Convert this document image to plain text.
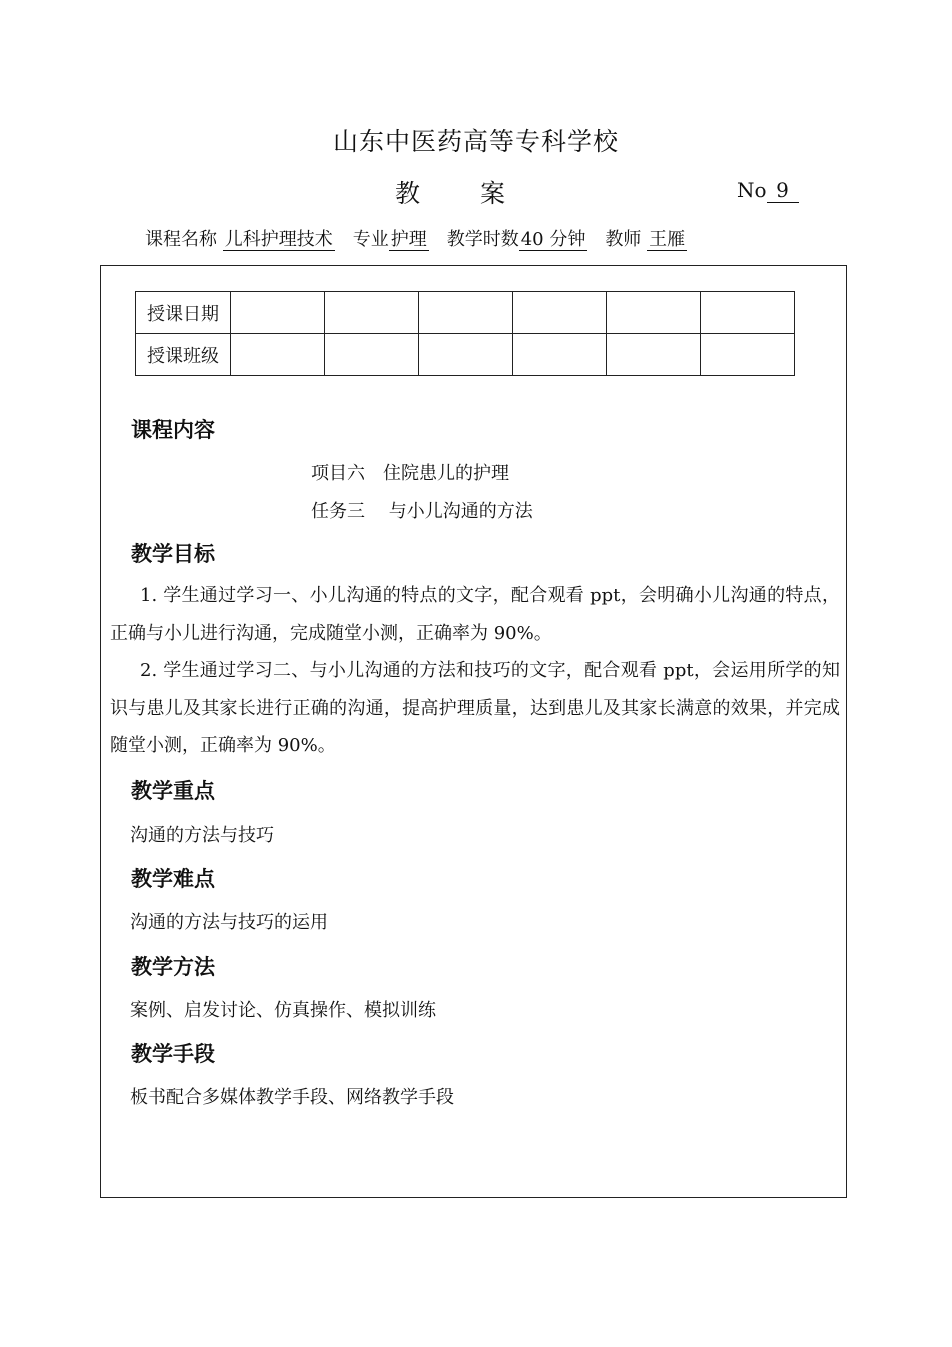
山东中医药高等专科学校
教 案	No 9
课程名称 儿科护理技术 专业 护理 教学时数 40 分钟 教师 王雁
授课日期						
授课班级						
课程内容
项目六　住院患儿的护理
任务三　 与小儿沟通的方法
教学目标
1. 学生通过学习一、小儿沟通的特点的文字，配合观看 ppt，会明确小儿沟通的特点，正确与小儿进行沟通，完成随堂小测，正确率为 90%。
2. 学生通过学习二、与小儿沟通的方法和技巧的文字，配合观看 ppt，会运用所学的知识与患儿及其家长进行正确的沟通，提高护理质量，达到患儿及其家长满意的效果，并完成随堂小测，正确率为 90%。
教学重点
沟通的方法与技巧
教学难点
沟通的方法与技巧的运用
教学方法
案例、启发讨论、仿真操作、模拟训练
教学手段
板书配合多媒体教学手段、网络教学手段
